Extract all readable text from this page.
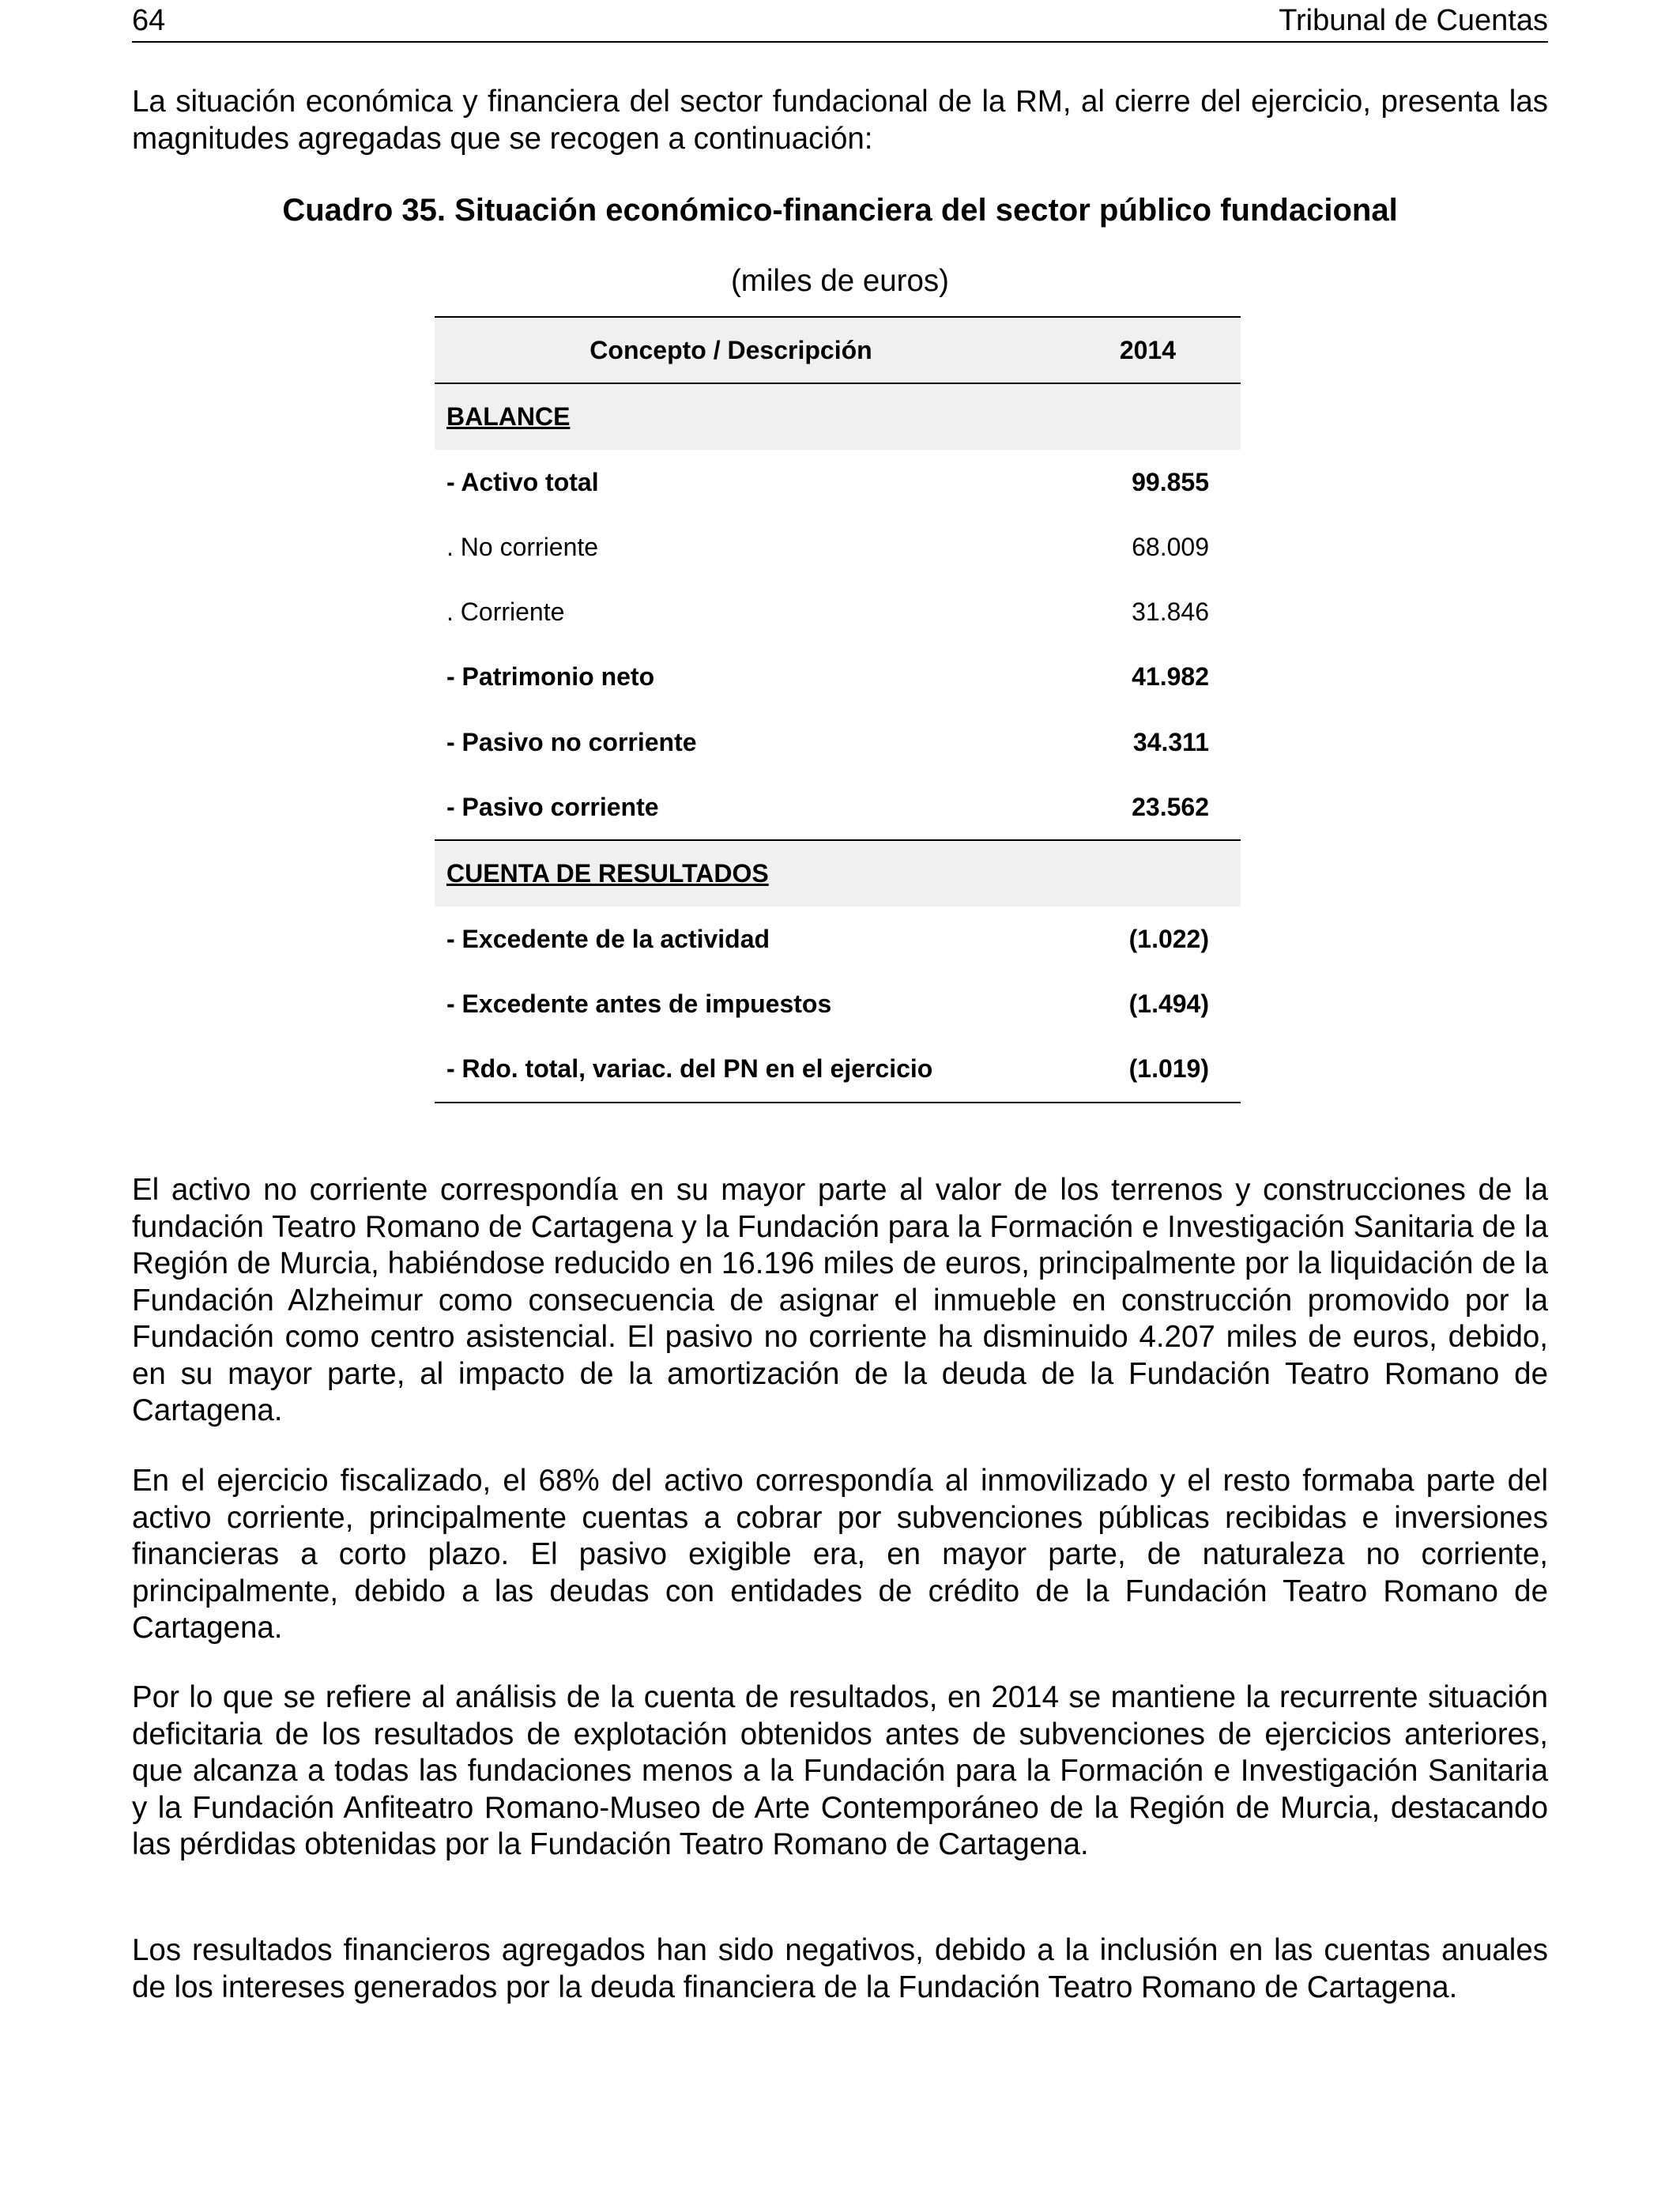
64	Tribunal de Cuentas

La situación económica y financiera del sector fundacional de la RM, al cierre del ejercicio, presenta las magnitudes agregadas que se recogen a continuación:

Cuadro 35. Situación económico-financiera del sector público fundacional
(miles de euros)
Concepto / Descripción	2014
BALANCE
- Activo total	99.855
. No corriente	68.009
. Corriente	31.846
- Patrimonio neto	41.982
- Pasivo no corriente	34.311
- Pasivo corriente	23.562
CUENTA DE RESULTADOS
- Excedente de la actividad	(1.022)
- Excedente antes de impuestos	(1.494)
- Rdo. total, variac. del PN en el ejercicio	(1.019)

El activo no corriente correspondía en su mayor parte al valor de los terrenos y construcciones de la fundación Teatro Romano de Cartagena y la Fundación para la Formación e Investigación Sanitaria de la Región de Murcia, habiéndose reducido en 16.196 miles de euros, principalmente por la liquidación de la Fundación Alzheimur como consecuencia de asignar el inmueble en construcción promovido por la Fundación como centro asistencial. El pasivo no corriente ha disminuido 4.207 miles de euros, debido, en su mayor parte, al impacto de la amortización de la deuda de la Fundación Teatro Romano de Cartagena.

En el ejercicio fiscalizado, el 68% del activo correspondía al inmovilizado y el resto formaba parte del activo corriente, principalmente cuentas a cobrar por subvenciones públicas recibidas e inversiones financieras a corto plazo. El pasivo exigible era, en mayor parte, de naturaleza no corriente, principalmente, debido a las deudas con entidades de crédito de la Fundación Teatro Romano de Cartagena.

Por lo que se refiere al análisis de la cuenta de resultados, en 2014 se mantiene la recurrente situación deficitaria de los resultados de explotación obtenidos antes de subvenciones de ejercicios anteriores, que alcanza a todas las fundaciones menos a la Fundación para la Formación e Investigación Sanitaria y la Fundación Anfiteatro Romano-Museo de Arte Contemporáneo de la Región de Murcia, destacando las pérdidas obtenidas por la Fundación Teatro Romano de Cartagena.

Los resultados financieros agregados han sido negativos, debido a la inclusión en las cuentas anuales de los intereses generados por la deuda financiera de la Fundación Teatro Romano de Cartagena.
